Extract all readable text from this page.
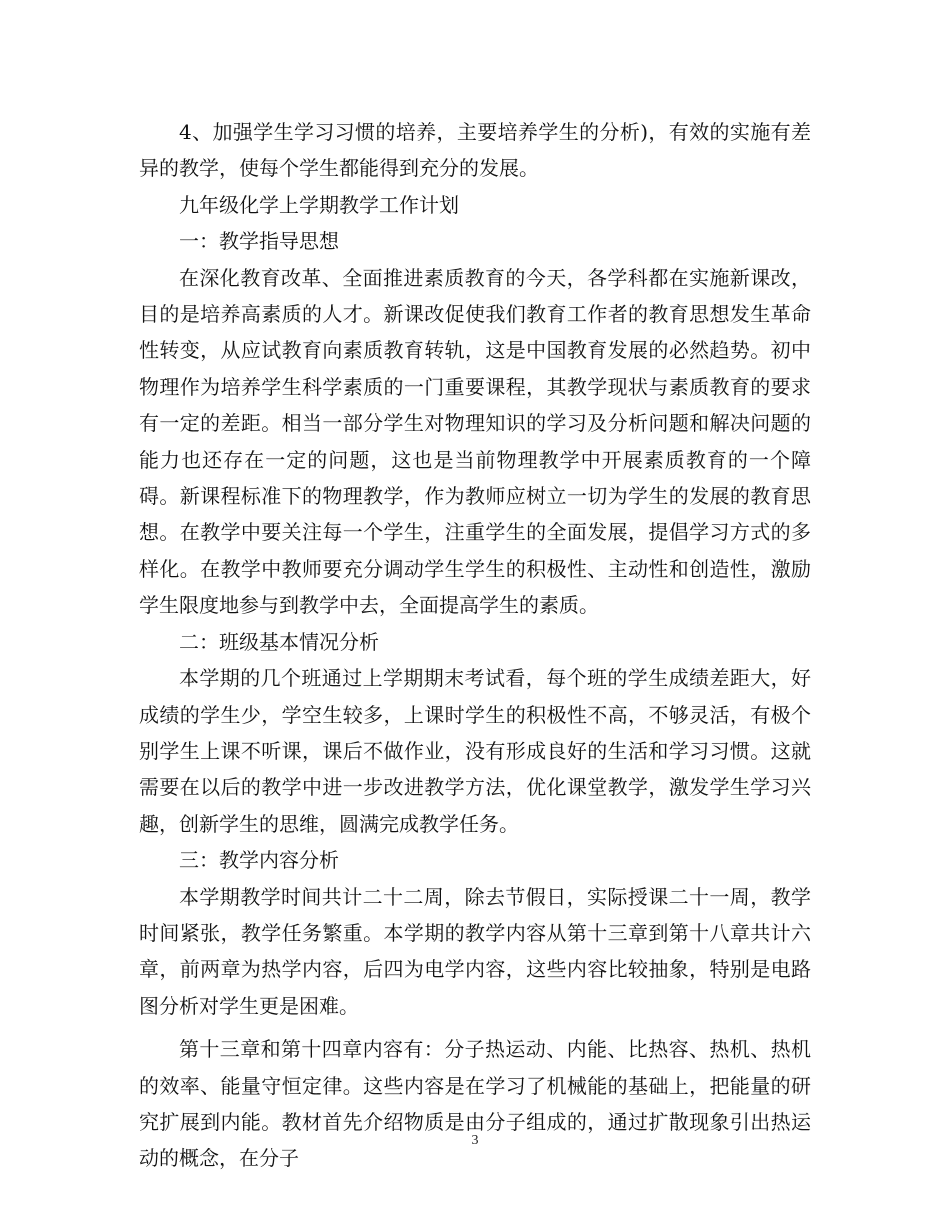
4、加强学生学习习惯的培养，主要培养学生的分析)，有效的实施有差异的教学，使每个学生都能得到充分的发展。

九年级化学上学期教学工作计划

一：教学指导思想

在深化教育改革、全面推进素质教育的今天，各学科都在实施新课改，目的是培养高素质的人才。新课改促使我们教育工作者的教育思想发生革命性转变，从应试教育向素质教育转轨，这是中国教育发展的必然趋势。初中物理作为培养学生科学素质的一门重要课程，其教学现状与素质教育的要求有一定的差距。相当一部分学生对物理知识的学习及分析问题和解决问题的能力也还存在一定的问题，这也是当前物理教学中开展素质教育的一个障碍。新课程标准下的物理教学，作为教师应树立一切为学生的发展的教育思想。在教学中要关注每一个学生，注重学生的全面发展，提倡学习方式的多样化。在教学中教师要充分调动学生学生的积极性、主动性和创造性，激励学生限度地参与到教学中去，全面提高学生的素质。

二：班级基本情况分析

本学期的几个班通过上学期期末考试看，每个班的学生成绩差距大，好成绩的学生少，学空生较多，上课时学生的积极性不高，不够灵活，有极个别学生上课不听课，课后不做作业，没有形成良好的生活和学习习惯。这就需要在以后的教学中进一步改进教学方法，优化课堂教学，激发学生学习兴趣，创新学生的思维，圆满完成教学任务。

三：教学内容分析

本学期教学时间共计二十二周，除去节假日，实际授课二十一周，教学时间紧张，教学任务繁重。本学期的教学内容从第十三章到第十八章共计六章，前两章为热学内容，后四为电学内容，这些内容比较抽象，特别是电路图分析对学生更是困难。

第十三章和第十四章内容有：分子热运动、内能、比热容、热机、热机的效率、能量守恒定律。这些内容是在学习了机械能的基础上，把能量的研究扩展到内能。教材首先介绍物质是由分子组成的，通过扩散现象引出热运动的概念，在分子

3
